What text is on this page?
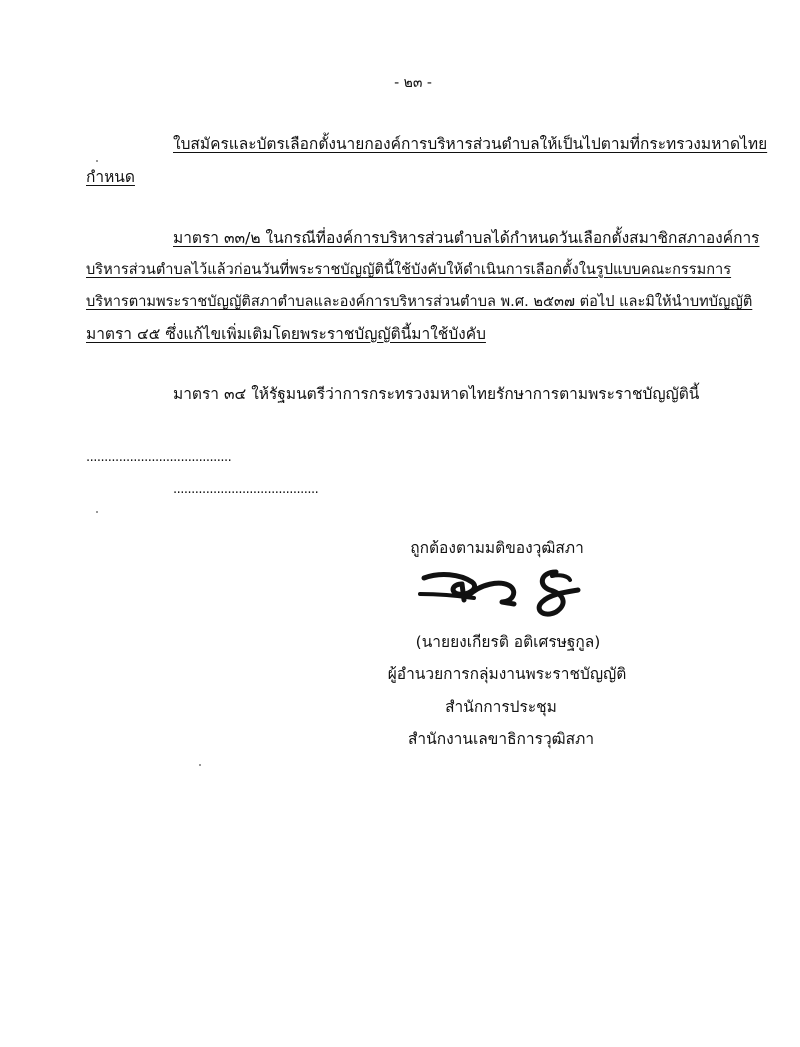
- ๒๓ -
ใบสมัครและบัตรเลือกตั้งนายกองค์การบริหารส่วนตำบลให้เป็นไปตามที่กระทรวงมหาดไทย
กำหนด
มาตรา ๓๓/๒ ในกรณีที่องค์การบริหารส่วนตำบลได้กำหนดวันเลือกตั้งสมาชิกสภาองค์การ
บริหารส่วนตำบลไว้แล้วก่อนวันที่พระราชบัญญัตินี้ใช้บังคับให้ดำเนินการเลือกตั้งในรูปแบบคณะกรรมการ
บริหารตามพระราชบัญญัติสภาตำบลและองค์การบริหารส่วนตำบล พ.ศ. ๒๕๓๗ ต่อไป และมิให้นำบทบัญญัติ
มาตรา ๔๕ ซึ่งแก้ไขเพิ่มเติมโดยพระราชบัญญัตินี้มาใช้บังคับ
มาตรา ๓๔ ให้รัฐมนตรีว่าการกระทรวงมหาดไทยรักษาการตามพระราชบัญญัตินี้
........................................
........................................
ถูกต้องตามมติของวุฒิสภา
(นายยงเกียรติ อติเศรษฐกูล)
ผู้อำนวยการกลุ่มงานพระราชบัญญัติ
สำนักการประชุม
สำนักงานเลขาธิการวุฒิสภา
